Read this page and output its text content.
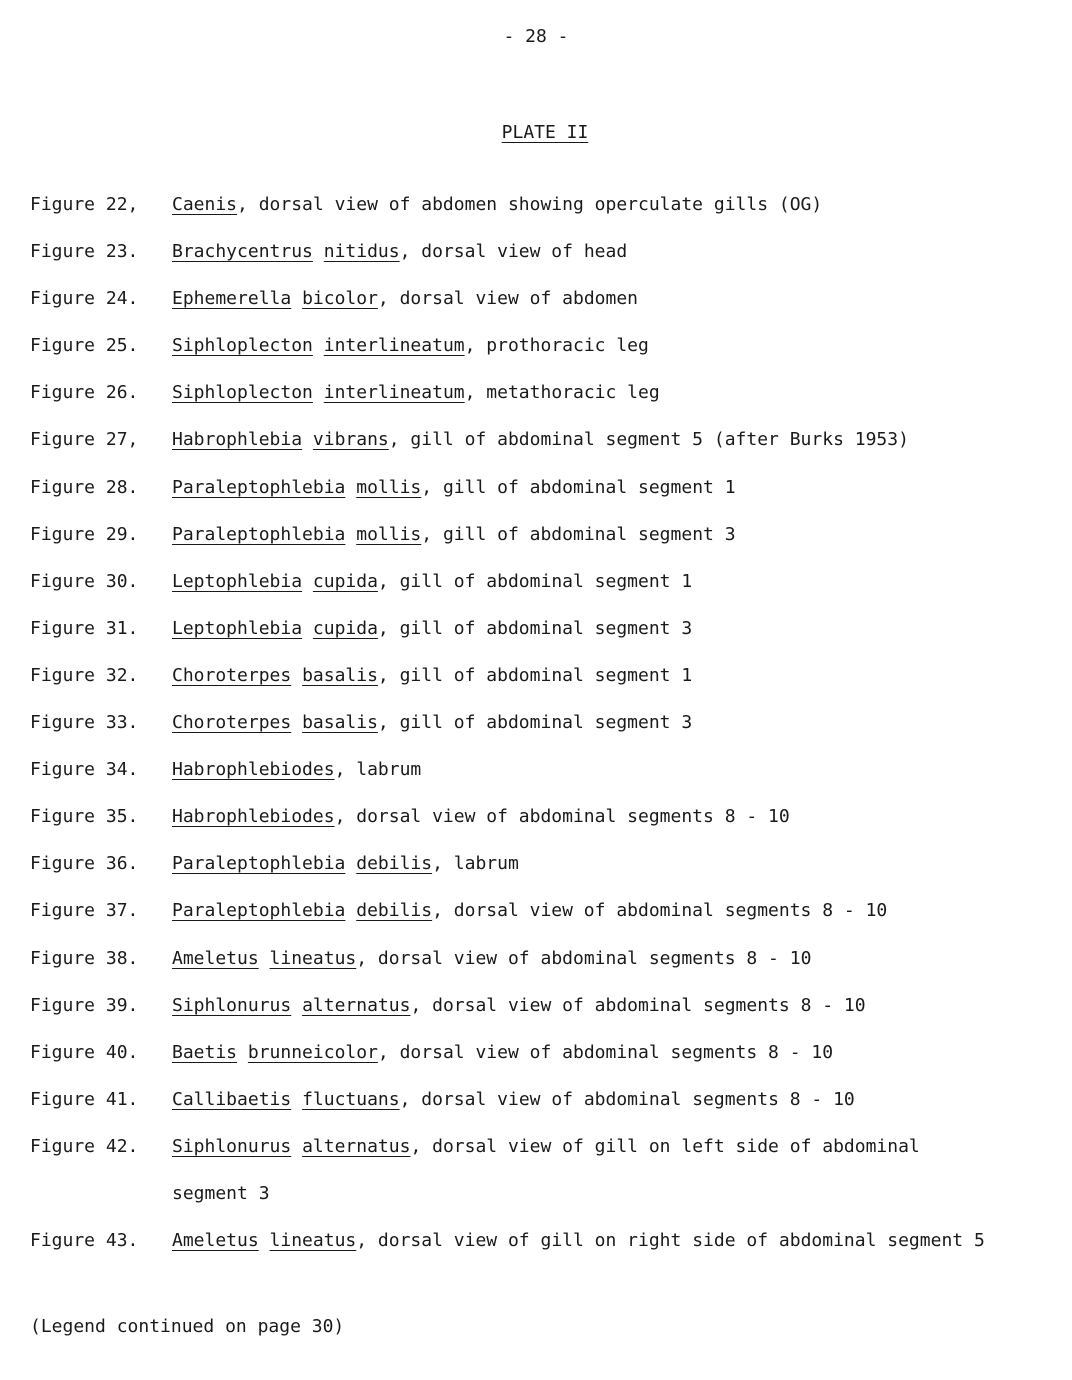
- 28 -
PLATE II
Figure 22,	Caenis, dorsal view of abdomen showing operculate gills (OG)
Figure 23.	Brachycentrus nitidus, dorsal view of head
Figure 24.	Ephemerella bicolor, dorsal view of abdomen
Figure 25.	Siphloplecton interlineatum, prothoracic leg
Figure 26.	Siphloplecton interlineatum, metathoracic leg
Figure 27,	Habrophlebia vibrans, gill of abdominal segment 5 (after Burks 1953)
Figure 28.	Paraleptophlebia mollis, gill of abdominal segment 1
Figure 29.	Paraleptophlebia mollis, gill of abdominal segment 3
Figure 30.	Leptophlebia cupida, gill of abdominal segment 1
Figure 31.	Leptophlebia cupida, gill of abdominal segment 3
Figure 32.	Choroterpes basalis, gill of abdominal segment 1
Figure 33.	Choroterpes basalis, gill of abdominal segment 3
Figure 34.	Habrophlebiodes, labrum
Figure 35.	Habrophlebiodes, dorsal view of abdominal segments 8 - 10
Figure 36.	Paraleptophlebia debilis, labrum
Figure 37.	Paraleptophlebia debilis, dorsal view of abdominal segments 8 - 10
Figure 38.	Ameletus lineatus, dorsal view of abdominal segments 8 - 10
Figure 39.	Siphlonurus alternatus, dorsal view of abdominal segments 8 - 10
Figure 40.	Baetis brunneicolor, dorsal view of abdominal segments 8 - 10
Figure 41.	Callibaetis fluctuans, dorsal view of abdominal segments 8 - 10
Figure 42.	Siphlonurus alternatus, dorsal view of gill on left side of abdominal
segment 3
Figure 43.	Ameletus lineatus, dorsal view of gill on right side of abdominal segment 5
(Legend continued on page 30)
